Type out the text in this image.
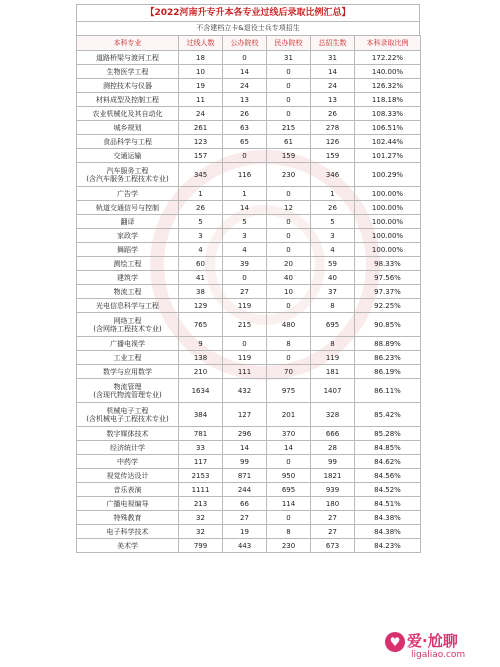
【2022河南升专升本各专业过线后录取比例汇总】
不含建档立卡&退役士兵专项招生
本科专业	过线人数	公办院校	民办院校	总招生数	本科录取比例
道路桥梁与渡河工程	18	0	31	31	172.22%
生物医学工程	10	14	0	14	140.00%
测控技术与仪器	19	24	0	24	126.32%
材料成型及控制工程	11	13	0	13	118.18%
农业机械化及其自动化	24	26	0	26	108.33%
城乡规划	261	63	215	278	106.51%
食品科学与工程	123	65	61	126	102.44%
交通运输	157	0	159	159	101.27%
汽车服务工程
(含汽车服务工程技术专业)	345	116	230	346	100.29%
广告学	1	1	0	1	100.00%
轨道交通信号与控制	26	14	12	26	100.00%
翻译	5	5	0	5	100.00%
家政学	3	3	0	3	100.00%
舞蹈学	4	4	0	4	100.00%
测绘工程	60	39	20	59	98.33%
建筑学	41	0	40	40	97.56%
物流工程	38	27	10	37	97.37%
光电信息科学与工程	129	119	0	8	92.25%
网络工程
(含网络工程技术专业)	765	215	480	695	90.85%
广播电视学	9	0	8	8	88.89%
工业工程	138	119	0	119	86.23%
数学与应用数学	210	111	70	181	86.19%
物流管理
(含现代物流管理专业)	1634	432	975	1407	86.11%
机械电子工程
(含机械电子工程技术专业)	384	127	201	328	85.42%
数字媒体技术	781	296	370	666	85.28%
经济统计学	33	14	14	28	84.85%
中药学	117	99	0	99	84.62%
视觉传达设计	2153	871	950	1821	84.56%
音乐表演	1111	244	695	939	84.52%
广播电视编导	213	66	114	180	84.51%
特殊教育	32	27	0	27	84.38%
电子科学技术	32	19	8	27	84.38%
美术学	799	443	230	673	84.23%
♥ 爱·尬聊
ligaliao.com
